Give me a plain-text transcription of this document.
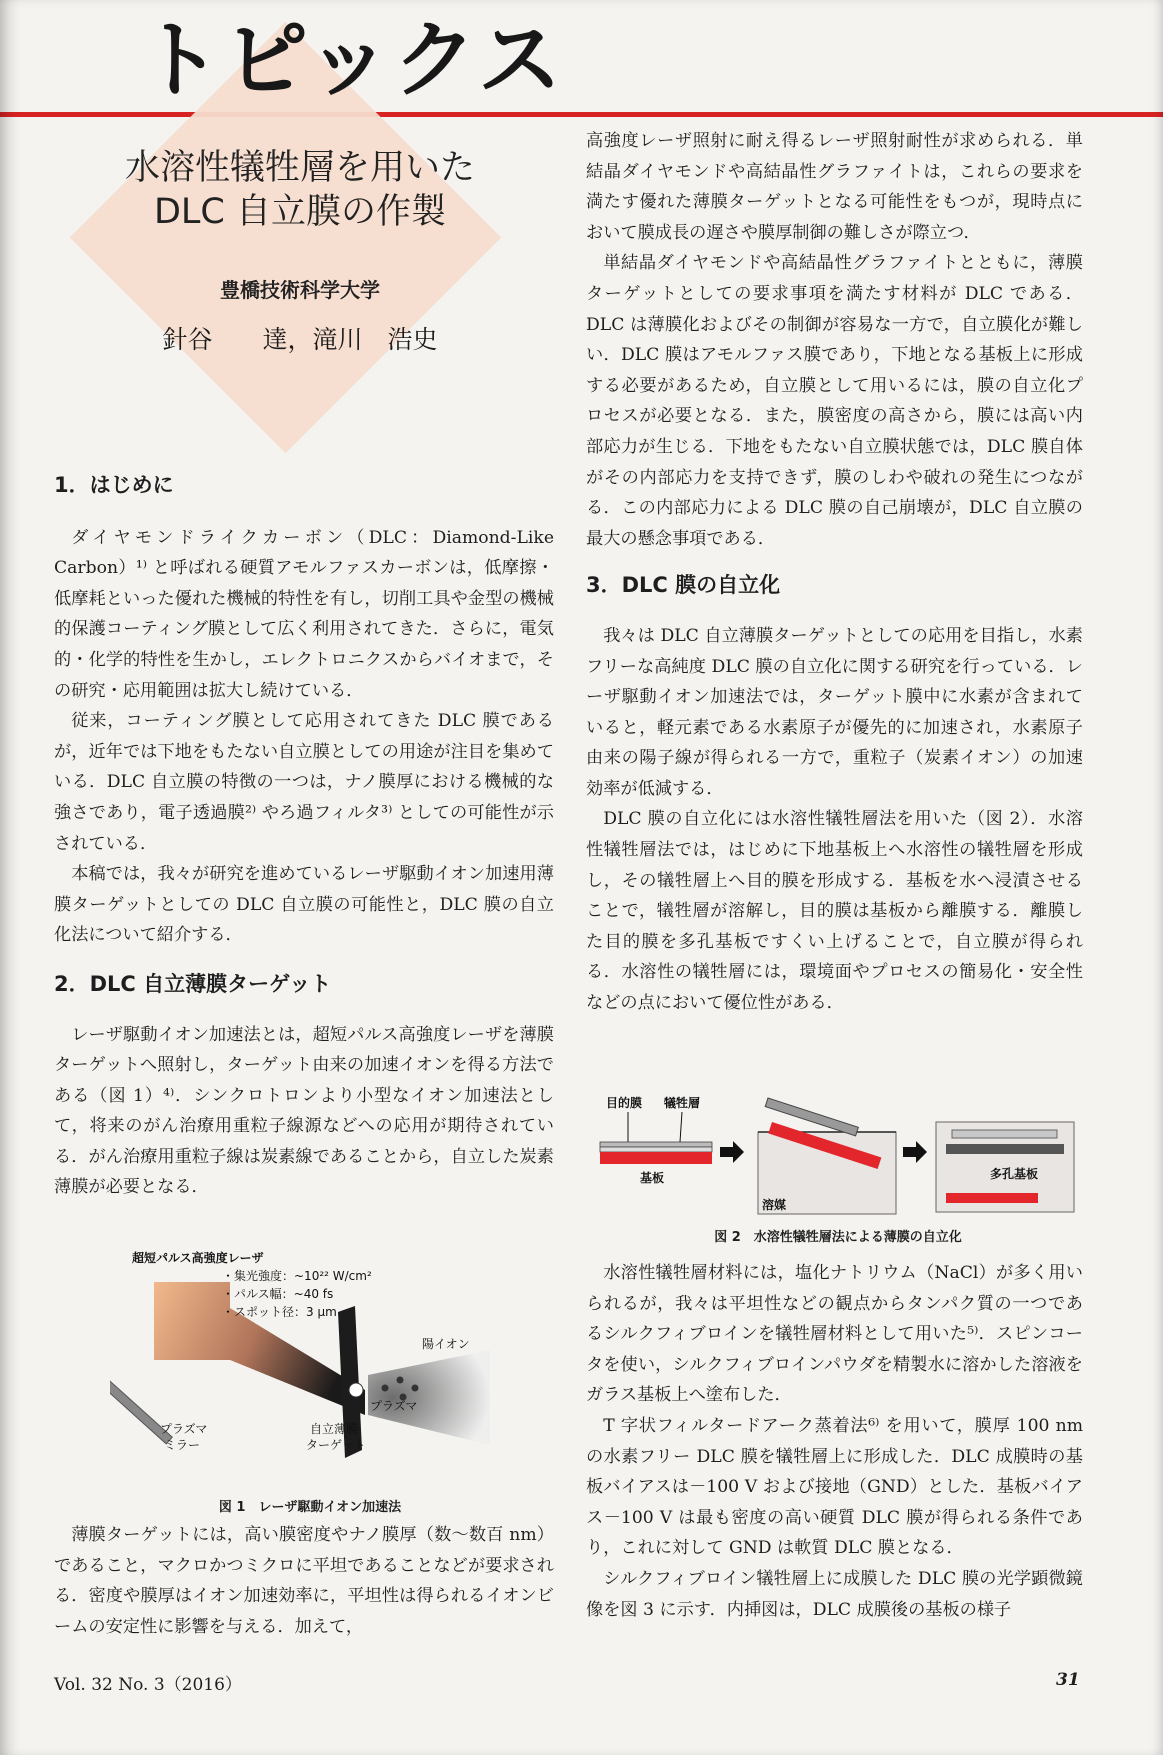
トピックス
水溶性犠牲層を用いた
DLC 自立膜の作製
豊橋技術科学大学
針谷　　達，滝川　浩史
1．はじめに

ダイヤモンドライクカーボン（DLC：Diamond-Like Carbon）¹⁾ と呼ばれる硬質アモルファスカーボンは，低摩擦・低摩耗といった優れた機械的特性を有し，切削工具や金型の機械的保護コーティング膜として広く利用されてきた．さらに，電気的・化学的特性を生かし，エレクトロニクスからバイオまで，その研究・応用範囲は拡大し続けている．

従来，コーティング膜として応用されてきた DLC 膜であるが，近年では下地をもたない自立膜としての用途が注目を集めている．DLC 自立膜の特徴の一つは，ナノ膜厚における機械的な強さであり，電子透過膜²⁾ やろ過フィルタ³⁾ としての可能性が示されている．

本稿では，我々が研究を進めているレーザ駆動イオン加速用薄膜ターゲットとしての DLC 自立膜の可能性と，DLC 膜の自立化法について紹介する．

2．DLC 自立薄膜ターゲット

レーザ駆動イオン加速法とは，超短パルス高強度レーザを薄膜ターゲットへ照射し，ターゲット由来の加速イオンを得る方法である（図 1）⁴⁾．シンクロトロンより小型なイオン加速法として，将来のがん治療用重粒子線源などへの応用が期待されている．がん治療用重粒子線は炭素線であることから，自立した炭素薄膜が必要となる．

超短パルス高強度レーザ
・集光強度：~10²² W/cm²
・パルス幅：~40 fs
・スポット径：3 μm
陽イオン
プラズマ
プラズマ
ミラー
自立薄膜
ターゲット
図 1　レーザ駆動イオン加速法

薄膜ターゲットには，高い膜密度やナノ膜厚（数～数百 nm）であること，マクロかつミクロに平坦であることなどが要求される．密度や膜厚はイオン加速効率に，平坦性は得られるイオンビームの安定性に影響を与える．加えて，

高強度レーザ照射に耐え得るレーザ照射耐性が求められる．単結晶ダイヤモンドや高結晶性グラファイトは，これらの要求を満たす優れた薄膜ターゲットとなる可能性をもつが，現時点において膜成長の遅さや膜厚制御の難しさが際立つ．

単結晶ダイヤモンドや高結晶性グラファイトとともに，薄膜ターゲットとしての要求事項を満たす材料が DLC である．DLC は薄膜化およびその制御が容易な一方で，自立膜化が難しい．DLC 膜はアモルファス膜であり，下地となる基板上に形成する必要があるため，自立膜として用いるには，膜の自立化プロセスが必要となる．また，膜密度の高さから，膜には高い内部応力が生じる．下地をもたない自立膜状態では，DLC 膜自体がその内部応力を支持できず，膜のしわや破れの発生につながる．この内部応力による DLC 膜の自己崩壊が，DLC 自立膜の最大の懸念事項である．

3．DLC 膜の自立化

我々は DLC 自立薄膜ターゲットとしての応用を目指し，水素フリーな高純度 DLC 膜の自立化に関する研究を行っている．レーザ駆動イオン加速法では，ターゲット膜中に水素が含まれていると，軽元素である水素原子が優先的に加速され，水素原子由来の陽子線が得られる一方で，重粒子（炭素イオン）の加速効率が低減する．

DLC 膜の自立化には水溶性犠牲層法を用いた（図 2）．水溶性犠牲層法では，はじめに下地基板上へ水溶性の犠牲層を形成し，その犠牲層上へ目的膜を形成する．基板を水へ浸漬させることで，犠牲層が溶解し，目的膜は基板から離膜する．離膜した目的膜を多孔基板ですくい上げることで，自立膜が得られる．水溶性の犠牲層には，環境面やプロセスの簡易化・安全性などの点において優位性がある．

目的膜 犠牲層
基板
溶媒
多孔基板
図 2　水溶性犠牲層法による薄膜の自立化

水溶性犠牲層材料には，塩化ナトリウム（NaCl）が多く用いられるが，我々は平坦性などの観点からタンパク質の一つであるシルクフィブロインを犠牲層材料として用いた⁵⁾．スピンコータを使い，シルクフィブロインパウダを精製水に溶かした溶液をガラス基板上へ塗布した．

T 字状フィルタードアーク蒸着法⁶⁾ を用いて，膜厚 100 nm の水素フリー DLC 膜を犠牲層上に形成した．DLC 成膜時の基板バイアスは－100 V および接地（GND）とした．基板バイアス－100 V は最も密度の高い硬質 DLC 膜が得られる条件であり，これに対して GND は軟質 DLC 膜となる．

シルクフィブロイン犠牲層上に成膜した DLC 膜の光学顕微鏡像を図 3 に示す．内挿図は，DLC 成膜後の基板の様子

Vol. 32 No. 3（2016）	31
